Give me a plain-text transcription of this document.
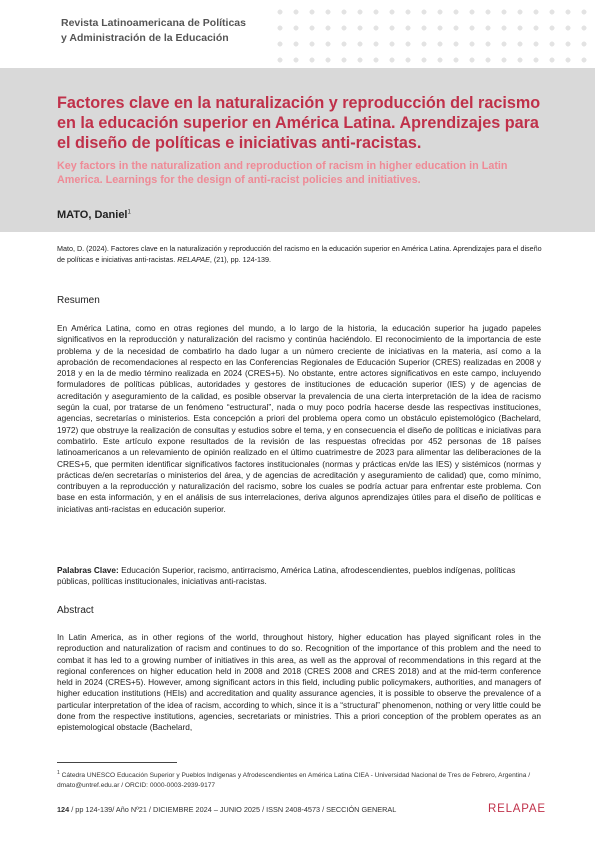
Revista Latinoamericana de Políticas
y Administración de la Educación
Factores clave en la naturalización y reproducción del racismo en la educación superior en América Latina. Aprendizajes para el diseño de políticas e iniciativas anti-racistas.
Key factors in the naturalization and reproduction of racism in higher education in Latin America. Learnings for the design of anti-racist policies and initiatives.
MATO, Daniel$^1$
Mato, D. (2024). Factores clave en la naturalización y reproducción del racismo en la educación superior en América Latina. Aprendizajes para el diseño de políticas e iniciativas anti-racistas. RELAPAE, (21), pp. 124-139.
Resumen

En América Latina, como en otras regiones del mundo, a lo largo de la historia, la educación superior ha jugado papeles significativos en la reproducción y naturalización del racismo y continúa haciéndolo. El reconocimiento de la importancia de este problema y de la necesidad de combatirlo ha dado lugar a un número creciente de iniciativas en la materia, así como a la aprobación de recomendaciones al respecto en las Conferencias Regionales de Educación Superior (CRES) realizadas en 2008 y 2018 y en la de medio término realizada en 2024 (CRES+5). No obstante, entre actores significativos en este campo, incluyendo formuladores de políticas públicas, autoridades y gestores de instituciones de educación superior (IES) y de agencias de acreditación y aseguramiento de la calidad, es posible observar la prevalencia de una cierta interpretación de la idea de racismo según la cual, por tratarse de un fenómeno “estructural”, nada o muy poco podría hacerse desde las respectivas instituciones, agencias, secretarías o ministerios. Esta concepción a priori del problema opera como un obstáculo epistemológico (Bachelard, 1972) que obstruye la realización de consultas y estudios sobre el tema, y en consecuencia el diseño de políticas e iniciativas para combatirlo. Este artículo expone resultados de la revisión de las respuestas ofrecidas por 452 personas de 18 países latinoamericanos a un relevamiento de opinión realizado en el último cuatrimestre de 2023 para alimentar las deliberaciones de la CRES+5, que permiten identificar significativos factores institucionales (normas y prácticas en/de las IES) y sistémicos (normas y prácticas de/en secretarías o ministerios del área, y de agencias de acreditación y aseguramiento de calidad) que, como mínimo, contribuyen a la reproducción y naturalización del racismo, sobre los cuales se podría actuar para enfrentar este problema. Con base en esta información, y en el análisis de sus interrelaciones, deriva algunos aprendizajes útiles para el diseño de políticas e iniciativas anti-racistas en educación superior.

Palabras Clave: Educación Superior, racismo, antirracismo, América Latina, afrodescendientes, pueblos indígenas, políticas públicas, políticas institucionales, iniciativas anti-racistas.
Abstract

In Latin America, as in other regions of the world, throughout history, higher education has played significant roles in the reproduction and naturalization of racism and continues to do so. Recognition of the importance of this problem and the need to combat it has led to a growing number of initiatives in this area, as well as the approval of recommendations in this regard at the regional conferences on higher education held in 2008 and 2018 (CRES 2008 and CRES 2018) and at the mid-term conference held in 2024 (CRES+5). However, among significant actors in this field, including public policymakers, authorities, and managers of higher education institutions (HEIs) and accreditation and quality assurance agencies, it is possible to observe the prevalence of a particular interpretation of the idea of racism, according to which, since it is a “structural” phenomenon, nothing or very little could be done from the respective institutions, agencies, secretariats or ministries. This a priori conception of the problem operates as an epistemological obstacle (Bachelard,

$^1$ Cátedra UNESCO Educación Superior y Pueblos Indígenas y Afrodescendientes en América Latina CIEA - Universidad Nacional de Tres de Febrero, Argentina / dmato@untref.edu.ar / ORCID: 0000-0003-2939-9177
124 / pp 124-139/ Año Nº21 / DICIEMBRE 2024 – JUNIO 2025 / ISSN 2408-4573 / SECCIÓN GENERAL	RELAPAE
